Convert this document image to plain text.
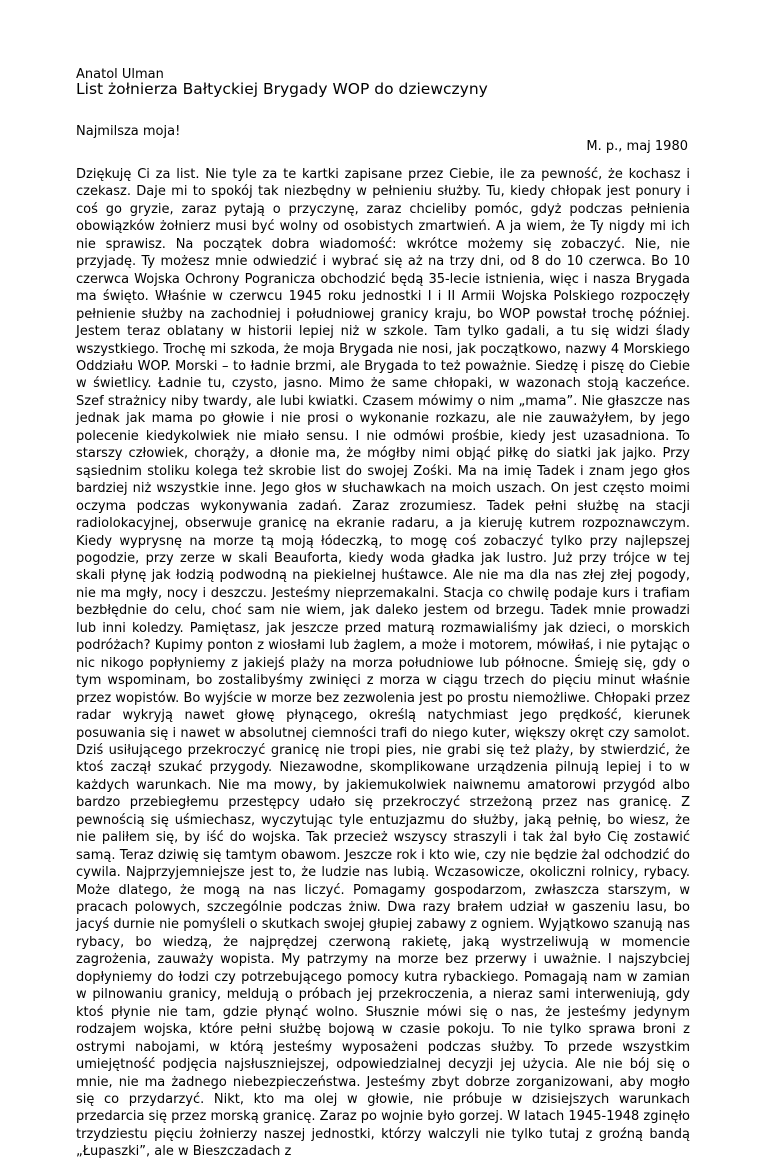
Anatol Ulman
List żołnierza Bałtyckiej Brygady WOP do dziewczyny
Najmilsza moja!
M. p., maj 1980

Dziękuję Ci za list. Nie tyle za te kartki zapisane przez Ciebie, ile za pewność, że kochasz i czekasz. Daje mi to spokój tak niezbędny w pełnieniu służby. Tu, kiedy chłopak jest ponury i coś go gryzie, zaraz pytają o przyczynę, zaraz chcieliby pomóc, gdyż podczas pełnienia obowiązków żołnierz musi być wolny od osobistych zmartwień. A ja wiem, że Ty nigdy mi ich nie sprawisz. Na początek dobra wiadomość: wkrótce możemy się zobaczyć. Nie, nie przyjadę. Ty możesz mnie odwiedzić i wybrać się aż na trzy dni, od 8 do 10 czerwca. Bo 10 czerwca Wojska Ochrony Pogranicza obchodzić będą 35-lecie istnienia, więc i nasza Brygada ma święto. Właśnie w czerwcu 1945 roku jednostki I i II Armii Wojska Polskiego rozpoczęły pełnienie służby na zachodniej i południowej granicy kraju, bo WOP powstał trochę później. Jestem teraz oblatany w historii lepiej niż w szkole. Tam tylko gadali, a tu się widzi ślady wszystkiego. Trochę mi szkoda, że moja Brygada nie nosi, jak początkowo, nazwy 4 Morskiego Oddziału WOP. Morski – to ładnie brzmi, ale Brygada to też poważnie. Siedzę i piszę do Ciebie w świetlicy. Ładnie tu, czysto, jasno. Mimo że same chłopaki, w wazonach stoją kaczeńce. Szef strażnicy niby twardy, ale lubi kwiatki. Czasem mówimy o nim „mama”. Nie głaszcze nas jednak jak mama po głowie i nie prosi o wykonanie rozkazu, ale nie zauważyłem, by jego polecenie kiedykolwiek nie miało sensu. I nie odmówi prośbie, kiedy jest uzasadniona. To starszy człowiek, chorąży, a dłonie ma, że mógłby nimi objąć piłkę do siatki jak jajko. Przy sąsiednim stoliku kolega też skrobie list do swojej Zośki. Ma na imię Tadek i znam jego głos bardziej niż wszystkie inne. Jego głos w słuchawkach na moich uszach. On jest często moimi oczyma podczas wykonywania zadań. Zaraz zrozumiesz. Tadek pełni służbę na stacji radiolokacyjnej, obserwuje granicę na ekranie radaru, a ja kieruję kutrem rozpoznawczym. Kiedy wyprysnę na morze tą moją łódeczką, to mogę coś zobaczyć tylko przy najlepszej pogodzie, przy zerze w skali Beauforta, kiedy woda gładka jak lustro. Już przy trójce w tej skali płynę jak łodzią podwodną na piekielnej huśtawce. Ale nie ma dla nas złej złej pogody, nie ma mgły, nocy i deszczu. Jesteśmy nieprzemakalni. Stacja co chwilę podaje kurs i trafiam bezbłędnie do celu, choć sam nie wiem, jak daleko jestem od brzegu. Tadek mnie prowadzi lub inni koledzy. Pamiętasz, jak jeszcze przed maturą rozmawialiśmy jak dzieci, o morskich podróżach? Kupimy ponton z wiosłami lub żaglem, a może i motorem, mówiłaś, i nie pytając o nic nikogo popłyniemy z jakiejś plaży na morza południowe lub północne. Śmieję się, gdy o tym wspominam, bo zostalibyśmy zwinięci z morza w ciągu trzech do pięciu minut właśnie przez wopistów. Bo wyjście w morze bez zezwolenia jest po prostu niemożliwe. Chłopaki przez radar wykryją nawet głowę płynącego, określą natychmiast jego prędkość, kierunek posuwania się i nawet w absolutnej ciemności trafi do niego kuter, większy okręt czy samolot. Dziś usiłującego przekroczyć granicę nie tropi pies, nie grabi się też plaży, by stwierdzić, że ktoś zaczął szukać przygody. Niezawodne, skomplikowane urządzenia pilnują lepiej i to w każdych warunkach. Nie ma mowy, by jakiemukolwiek naiwnemu amatorowi przygód albo bardzo przebiegłemu przestępcy udało się przekroczyć strzeżoną przez nas granicę. Z pewnością się uśmiechasz, wyczytując tyle entuzjazmu do służby, jaką pełnię, bo wiesz, że nie paliłem się, by iść do wojska. Tak przecież wszyscy straszyli i tak żal było Cię zostawić samą. Teraz dziwię się tamtym obawom. Jeszcze rok i kto wie, czy nie będzie żal odchodzić do cywila. Najprzyjemniejsze jest to, że ludzie nas lubią. Wczasowicze, okoliczni rolnicy, rybacy. Może dlatego, że mogą na nas liczyć. Pomagamy gospodarzom, zwłaszcza starszym, w pracach polowych, szczególnie podczas żniw. Dwa razy brałem udział w gaszeniu lasu, bo jacyś durnie nie pomyśleli o skutkach swojej głupiej zabawy z ogniem. Wyjątkowo szanują nas rybacy, bo wiedzą, że najprędzej czerwoną rakietę, jaką wystrzeliwują w momencie zagrożenia, zauważy wopista. My patrzymy na morze bez przerwy i uważnie. I najszybciej dopłyniemy do łodzi czy potrzebującego pomocy kutra rybackiego. Pomagają nam w zamian w pilnowaniu granicy, meldują o próbach jej przekroczenia, a nieraz sami interweniują, gdy ktoś płynie nie tam, gdzie płynąć wolno. Słusznie mówi się o nas, że jesteśmy jedynym rodzajem wojska, które pełni służbę bojową w czasie pokoju. To nie tylko sprawa broni z ostrymi nabojami, w którą jesteśmy wyposażeni podczas służby. To przede wszystkim umiejętność podjęcia najsłuszniejszej, odpowiedzialnej decyzji jej użycia. Ale nie bój się o mnie, nie ma żadnego niebezpieczeństwa. Jesteśmy zbyt dobrze zorganizowani, aby mogło się co przydarzyć. Nikt, kto ma olej w głowie, nie próbuje w dzisiejszych warunkach przedarcia się przez morską granicę. Zaraz po wojnie było gorzej. W latach 1945-1948 zginęło trzydziestu pięciu żołnierzy naszej jednostki, którzy walczyli nie tylko tutaj z groźną bandą „Łupaszki”, ale w Bieszczadach z
